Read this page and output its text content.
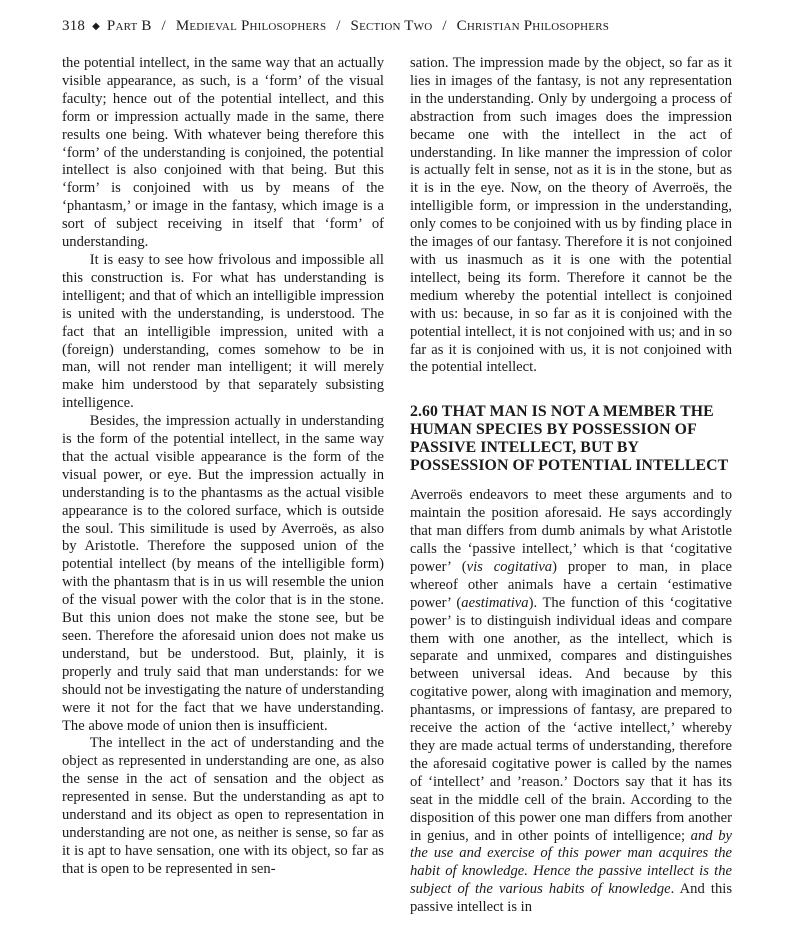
318 ◆ Part B / Medieval Philosophers / Section Two / Christian Philosophers

the potential intellect, in the same way that an actually visible appearance, as such, is a ‘form’ of the visual faculty; hence out of the potential intellect, and this form or impression actually made in the same, there results one being. With whatever being therefore this ‘form’ of the understanding is conjoined, the potential intellect is also conjoined with that being. But this ‘form’ is conjoined with us by means of the ‘phantasm,’ or image in the fantasy, which image is a sort of subject receiving in itself that ‘form’ of understanding.

It is easy to see how frivolous and impossible all this construction is. For what has understanding is intelligent; and that of which an intelligible impression is united with the understanding, is understood. The fact that an intelligible impression, united with a (foreign) understanding, comes somehow to be in man, will not render man intelligent; it will merely make him understood by that separately subsisting intelligence.

Besides, the impression actually in understanding is the form of the potential intellect, in the same way that the actual visible appearance is the form of the visual power, or eye. But the impression actually in understanding is to the phantasms as the actual visible appearance is to the colored surface, which is outside the soul. This similitude is used by Averroës, as also by Aristotle. Therefore the supposed union of the potential intellect (by means of the intelligible form) with the phantasm that is in us will resemble the union of the visual power with the color that is in the stone. But this union does not make the stone see, but be seen. Therefore the aforesaid union does not make us understand, but be understood. But, plainly, it is properly and truly said that man understands: for we should not be investigating the nature of understanding were it not for the fact that we have understanding. The above mode of union then is insufficient.

The intellect in the act of understanding and the object as represented in understanding are one, as also the sense in the act of sensation and the object as represented in sense. But the understanding as apt to understand and its object as open to representation in understanding are not one, as neither is sense, so far as it is apt to have sensation, one with its object, so far as that is open to be represented in sen-

sation. The impression made by the object, so far as it lies in images of the fantasy, is not any representation in the understanding. Only by undergoing a process of abstraction from such images does the impression became one with the intellect in the act of understanding. In like manner the impression of color is actually felt in sense, not as it is in the stone, but as it is in the eye. Now, on the theory of Averroës, the intelligible form, or impression in the understanding, only comes to be conjoined with us by finding place in the images of our fantasy. Therefore it is not conjoined with us inasmuch as it is one with the potential intellect, being its form. Therefore it cannot be the medium whereby the potential intellect is conjoined with us: because, in so far as it is conjoined with the potential intellect, it is not conjoined with us; and in so far as it is conjoined with us, it is not conjoined with the potential intellect.

2.60 THAT MAN IS NOT A MEMBER THE HUMAN SPECIES BY POSSESSION OF PASSIVE INTELLECT, BUT BY POSSESSION OF POTENTIAL INTELLECT

Averroës endeavors to meet these arguments and to maintain the position aforesaid. He says accordingly that man differs from dumb animals by what Aristotle calls the ‘passive intellect,’ which is that ‘cogitative power’ (vis cogitativa) proper to man, in place whereof other animals have a certain ‘estimative power’ (aestimativa). The function of this ‘cogitative power’ is to distinguish individual ideas and compare them with one another, as the intellect, which is separate and unmixed, compares and distinguishes between universal ideas. And because by this cogitative power, along with imagination and memory, phantasms, or impressions of fantasy, are prepared to receive the action of the ‘active intellect,’ whereby they are made actual terms of understanding, therefore the aforesaid cogitative power is called by the names of ‘intellect’ and ’reason.’ Doctors say that it has its seat in the middle cell of the brain. According to the disposition of this power one man differs from another in genius, and in other points of intelligence; and by the use and exercise of this power man acquires the habit of knowledge. Hence the passive intellect is the subject of the various habits of knowledge. And this passive intellect is in
